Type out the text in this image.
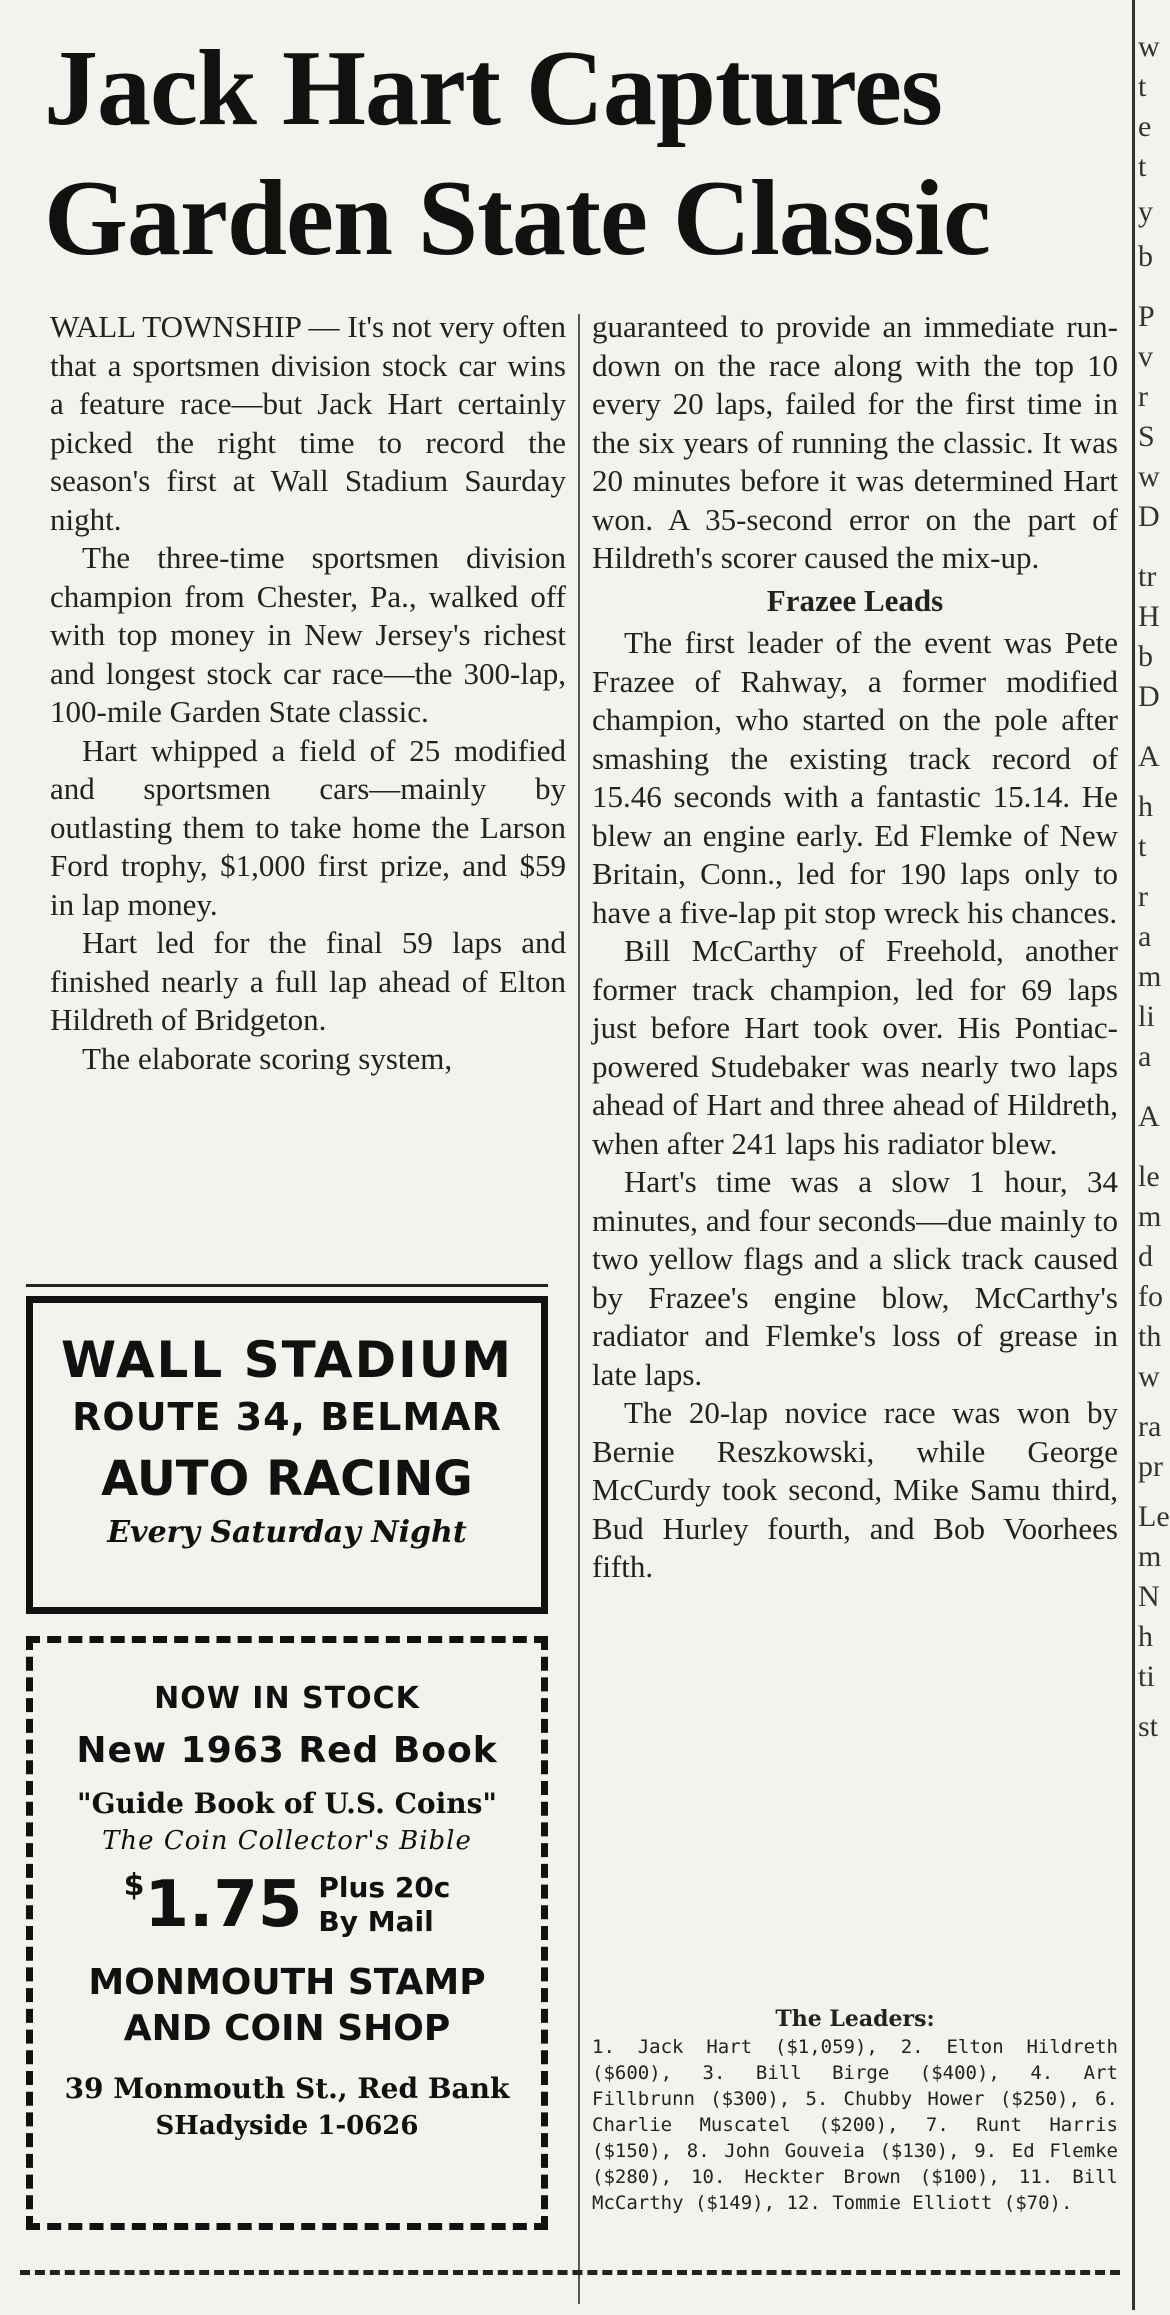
Jack Hart Captures
Garden State Classic

WALL TOWNSHIP — It's not very often that a sportsmen division stock car wins a feature race—but Jack Hart certainly picked the right time to record the season's first at Wall Stadium Saurday night.

The three-time sportsmen division champion from Chester, Pa., walked off with top money in New Jersey's richest and longest stock car race—the 300-lap, 100-mile Garden State classic.

Hart whipped a field of 25 modified and sportsmen cars—mainly by outlasting them to take home the Larson Ford trophy, $1,000 first prize, and $59 in lap money.

Hart led for the final 59 laps and finished nearly a full lap ahead of Elton Hildreth of Bridgeton.

The elaborate scoring system,

WALL STADIUM
ROUTE 34, BELMAR
AUTO RACING
Every Saturday Night
NOW IN STOCK
New 1963 Red Book
"Guide Book of U.S. Coins"
The Coin Collector's Bible
$1.75 Plus 20c
By Mail
MONMOUTH STAMP
AND COIN SHOP
39 Monmouth St., Red Bank
SHadyside 1-0626

guaranteed to provide an immediate run-down on the race along with the top 10 every 20 laps, failed for the first time in the six years of running the classic. It was 20 minutes before it was determined Hart won. A 35-second error on the part of Hildreth's scorer caused the mix-up.

Frazee Leads

The first leader of the event was Pete Frazee of Rahway, a former modified champion, who started on the pole after smashing the existing track record of 15.46 seconds with a fantastic 15.14. He blew an engine early. Ed Flemke of New Britain, Conn., led for 190 laps only to have a five-lap pit stop wreck his chances.

Bill McCarthy of Freehold, another former track champion, led for 69 laps just before Hart took over. His Pontiac-powered Studebaker was nearly two laps ahead of Hart and three ahead of Hildreth, when after 241 laps his radiator blew.

Hart's time was a slow 1 hour, 34 minutes, and four seconds—due mainly to two yellow flags and a slick track caused by Frazee's engine blow, McCarthy's radiator and Flemke's loss of grease in late laps.

The 20-lap novice race was won by Bernie Reszkowski, while George McCurdy took second, Mike Samu third, Bud Hurley fourth, and Bob Voorhees fifth.

The Leaders:

1. Jack Hart ($1,059), 2. Elton Hildreth ($600), 3. Bill Birge ($400), 4. Art Fillbrunn ($300), 5. Chubby Hower ($250), 6. Charlie Muscatel ($200), 7. Runt Harris ($150), 8. John Gouveia ($130), 9. Ed Flemke ($280), 10. Heckter Brown ($100), 11. Bill McCarthy ($149), 12. Tommie Elliott ($70).

w
t
e
t
y
b
P
v
r
S
w
D
tr
H
b
D
A
h
t
r
a
m
li
a
A
le
m
d
fo
th
w
ra
pr
Le
m
N
h
ti
st
